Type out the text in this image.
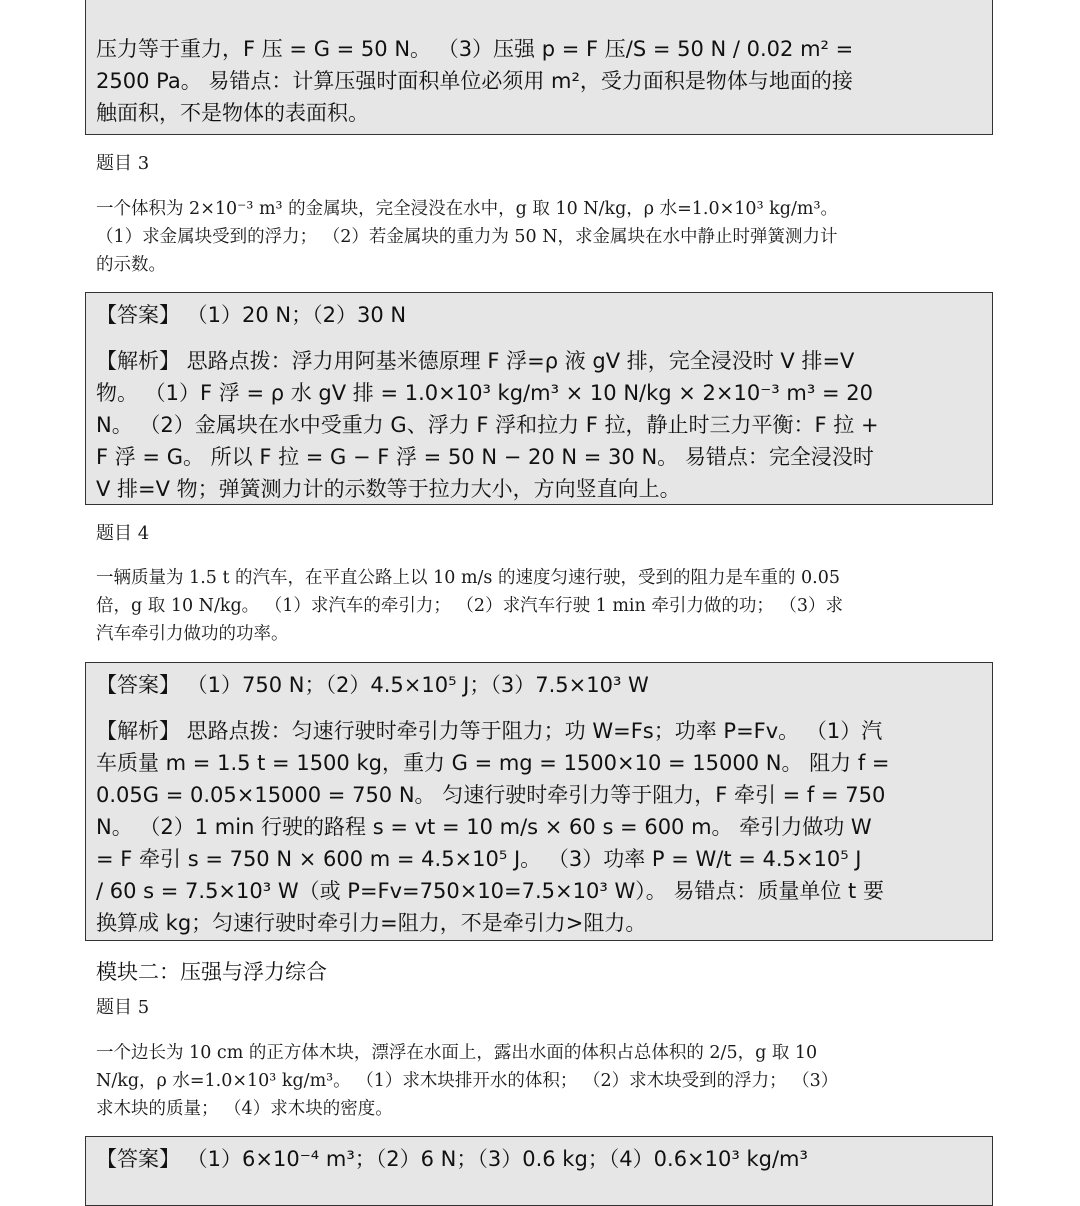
压力等于重力，F 压 = G = 50 N。 （3）压强 p = F 压/S = 50 N / 0.02 m² =

2500 Pa。 易错点：计算压强时面积单位必须用 m²，受力面积是物体与地面的接

触面积，不是物体的表面积。

题目 3

一个体积为 2×10⁻³ m³ 的金属块，完全浸没在水中，g 取 10 N/kg，ρ 水=1.0×10³ kg/m³。

（1）求金属块受到的浮力； （2）若金属块的重力为 50 N，求金属块在水中静止时弹簧测力计

的示数。

【答案】 （1）20 N；（2）30 N

【解析】 思路点拨：浮力用阿基米德原理 F 浮=ρ 液 gV 排，完全浸没时 V 排=V

物。 （1）F 浮 = ρ 水 gV 排 = 1.0×10³ kg/m³ × 10 N/kg × 2×10⁻³ m³ = 20

N。 （2）金属块在水中受重力 G、浮力 F 浮和拉力 F 拉，静止时三力平衡：F 拉 +

F 浮 = G。 所以 F 拉 = G − F 浮 = 50 N − 20 N = 30 N。 易错点：完全浸没时

V 排=V 物；弹簧测力计的示数等于拉力大小，方向竖直向上。

题目 4

一辆质量为 1.5 t 的汽车，在平直公路上以 10 m/s 的速度匀速行驶，受到的阻力是车重的 0.05

倍，g 取 10 N/kg。 （1）求汽车的牵引力； （2）求汽车行驶 1 min 牵引力做的功； （3）求

汽车牵引力做功的功率。

【答案】 （1）750 N；（2）4.5×10⁵ J；（3）7.5×10³ W

【解析】 思路点拨：匀速行驶时牵引力等于阻力；功 W=Fs；功率 P=Fv。 （1）汽

车质量 m = 1.5 t = 1500 kg，重力 G = mg = 1500×10 = 15000 N。 阻力 f =

0.05G = 0.05×15000 = 750 N。 匀速行驶时牵引力等于阻力，F 牵引 = f = 750

N。 （2）1 min 行驶的路程 s = vt = 10 m/s × 60 s = 600 m。 牵引力做功 W

= F 牵引 s = 750 N × 600 m = 4.5×10⁵ J。 （3）功率 P = W/t = 4.5×10⁵ J

/ 60 s = 7.5×10³ W（或 P=Fv=750×10=7.5×10³ W）。 易错点：质量单位 t 要

换算成 kg；匀速行驶时牵引力=阻力，不是牵引力>阻力。

模块二：压强与浮力综合
题目 5

一个边长为 10 cm 的正方体木块，漂浮在水面上，露出水面的体积占总体积的 2/5，g 取 10

N/kg，ρ 水=1.0×10³ kg/m³。 （1）求木块排开水的体积； （2）求木块受到的浮力； （3）

求木块的质量； （4）求木块的密度。

【答案】 （1）6×10⁻⁴ m³；（2）6 N；（3）0.6 kg；（4）0.6×10³ kg/m³
